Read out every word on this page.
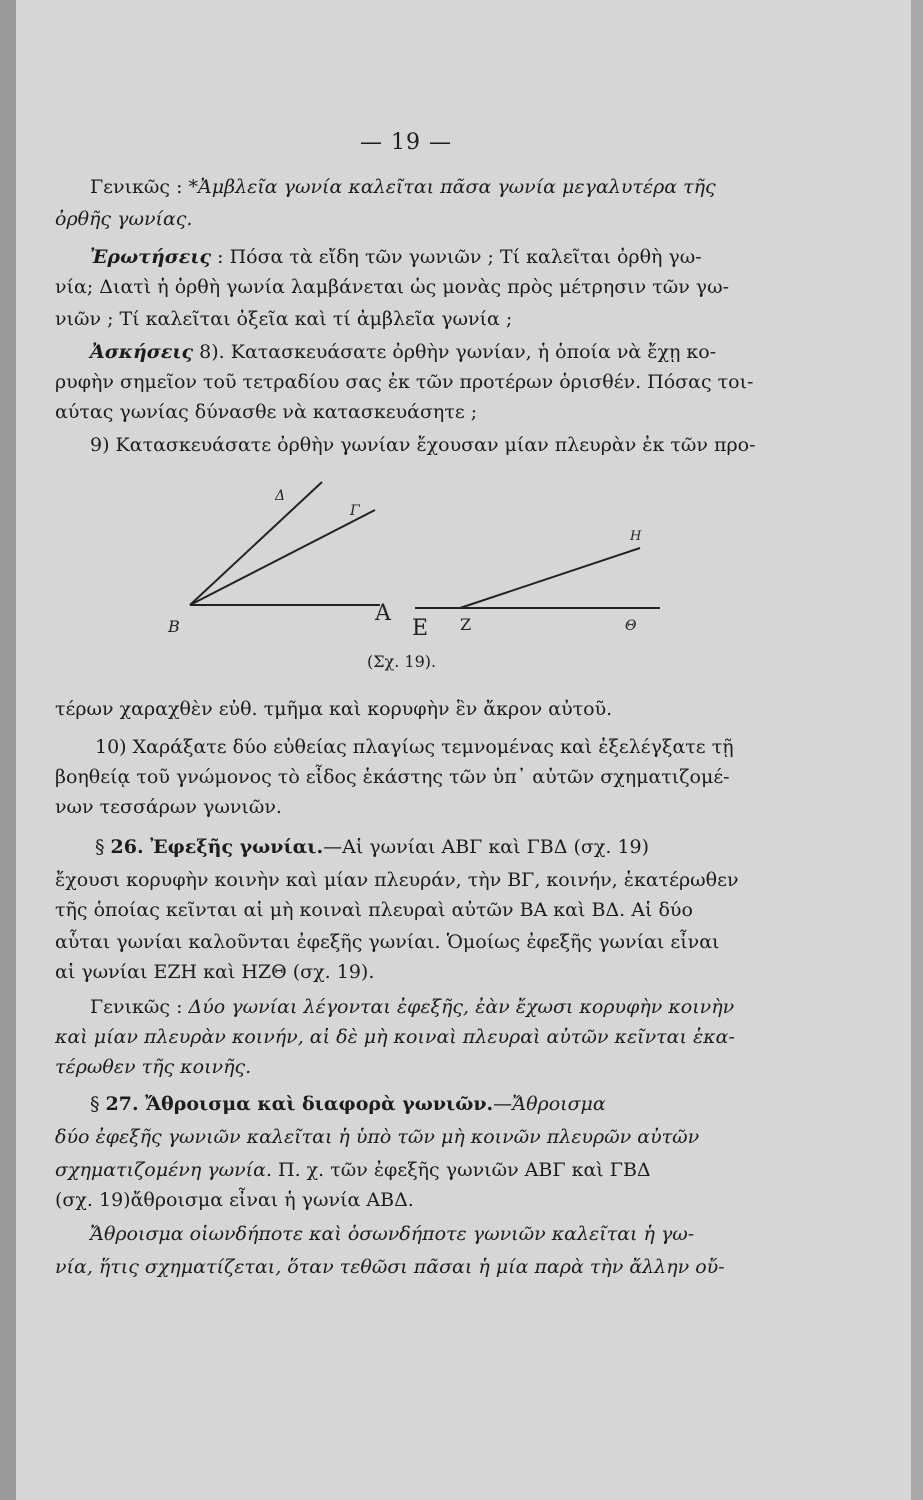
— 19 —
Γενικῶς : *Ἀμβλεῖα γωνία καλεῖται πᾶσα γωνία μεγαλυτέρα τῆς
ὀρθῆς γωνίας.
Ἐρωτήσεις : Πόσα τὰ εἴδη τῶν γωνιῶν ; Τί καλεῖται ὀρθὴ γω-
νία; Διατὶ ἡ ὀρθὴ γωνία λαμβάνεται ὡς μονὰς πρὸς μέτρησιν τῶν γω-
νιῶν ; Τί καλεῖται ὀξεῖα καὶ τί ἀμβλεῖα γωνία ;
Ἀσκήσεις 8). Κατασκευάσατε ὀρθὴν γωνίαν, ἡ ὁποία νὰ ἔχῃ κο-
ρυφὴν σημεῖον τοῦ τετραδίου σας ἐκ τῶν προτέρων ὁρισθέν. Πόσας τοι-
αύτας γωνίας δύνασθε νὰ κατασκευάσητε ;
9) Κατασκευάσατε ὀρθὴν γωνίαν ἔχουσαν μίαν πλευρὰν ἐκ τῶν προ-
τέρων χαραχθὲν εὐθ. τμῆμα καὶ κορυφὴν ἓν ἄκρον αὐτοῦ.
10) Χαράξατε δύο εὐθείας πλαγίως τεμνομένας καὶ ἐξελέγξατε τῇ
βοηθείᾳ τοῦ γνώμονος τὸ εἶδος ἑκάστης τῶν ὑπ᾽ αὐτῶν σχηματιζομέ-
νων τεσσάρων γωνιῶν.
§ 26. Ἐφεξῆς γωνίαι.—Αἱ γωνίαι ΑΒΓ καὶ ΓΒΔ (σχ. 19)
ἔχουσι κορυφὴν κοινὴν καὶ μίαν πλευράν, τὴν ΒΓ, κοινήν, ἑκατέρωθεν
τῆς ὁποίας κεῖνται αἱ μὴ κοιναὶ πλευραὶ αὐτῶν ΒΑ καὶ ΒΔ. Αἱ δύο
αὗται γωνίαι καλοῦνται ἐφεξῆς γωνίαι. Ὁμοίως ἐφεξῆς γωνίαι εἶναι
αἱ γωνίαι ΕΖΗ καὶ ΗΖΘ (σχ. 19).
Γενικῶς : Δύο γωνίαι λέγονται ἐφεξῆς, ἐὰν ἔχωσι κορυφὴν κοινὴν
καὶ μίαν πλευρὰν κοινήν, αἱ δὲ μὴ κοιναὶ πλευραὶ αὐτῶν κεῖνται ἑκα-
τέρωθεν τῆς κοινῆς.
§ 27. Ἄθροισμα καὶ διαφορὰ γωνιῶν.—Ἄθροισμα
δύο ἐφεξῆς γωνιῶν καλεῖται ἡ ὑπὸ τῶν μὴ κοινῶν πλευρῶν αὐτῶν
σχηματιζομένη γωνία. Π. χ. τῶν ἐφεξῆς γωνιῶν ΑΒΓ καὶ ΓΒΔ
(σχ. 19)ἄθροισμα εἶναι ἡ γωνία ΑΒΔ.
Ἄθροισμα οἱωνδήποτε καὶ ὁσωνδήποτε γωνιῶν καλεῖται ἡ γω-
νία, ἥτις σχηματίζεται, ὅταν τεθῶσι πᾶσαι ἡ μία παρὰ τὴν ἄλλην οὔ-
Β
Α
Δ
Γ
Ε Ζ
Η
Θ
(Σχ. 19).
